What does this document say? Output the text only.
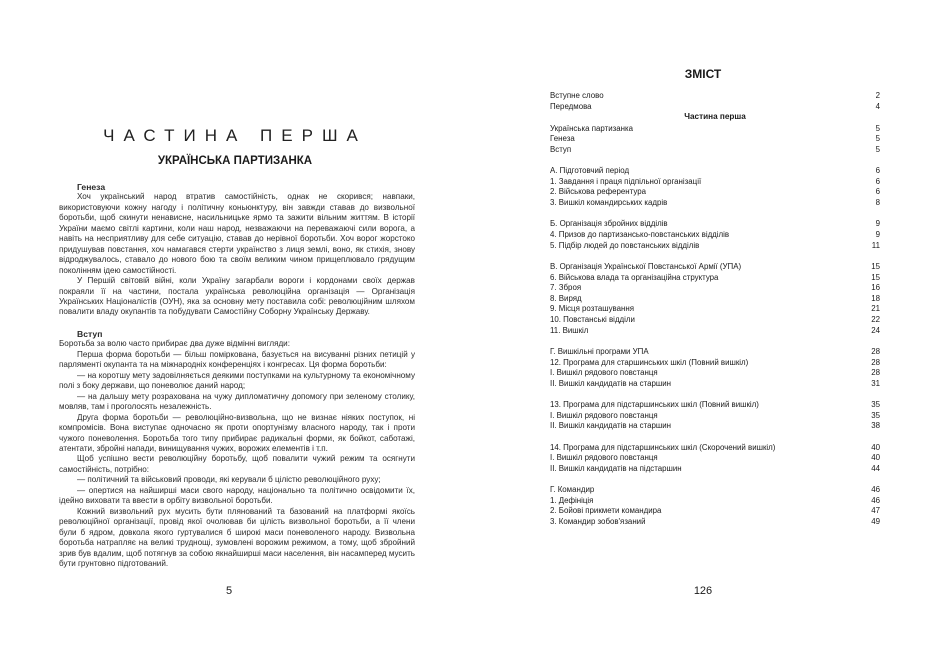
ЧАСТИНА ПЕРША
УКРАЇНСЬКА ПАРТИЗАНКА

Генеза

Хоч український народ втратив самостійність, однак не скорився; навпаки, використовуючи кожну нагоду і політичну коньюнктуру, він завжди ставав до визвольної боротьби, щоб скинути ненависне, насильницьке ярмо та зажити вільним життям. В історії України маємо світлі картини, коли наш народ, незважаючи на переважаючі сили ворога, а навіть на несприятливу для себе ситуацію, ставав до нерівної боротьби. Хоч ворог жорстоко придушував повстання, хоч намагався стерти українство з лиця землі, воно, як стихія, знову відроджувалось, ставало до нового бою та своїм великим чином прищеплювало грядущим поколінням ідею самостійності.

У Першій світовій війні, коли Україну загарбали вороги і кордонами своїх держав покраяли її на частини, постала українська революційна організація — Організація Українських Націоналістів (ОУН), яка за основну мету поставила собі: революційним шляхом повалити владу окупантів та побудувати Самостійну Соборну Українську Державу.

Вступ

Боротьба за волю часто прибирає два дуже відмінні вигляди:

Перша форма боротьби — більш поміркована, базується на висуванні різних петицій у парляменті окупанта та на міжнародніх конференціях і конгресах. Ця форма боротьби:

— на коротшу мету задовілняється деякими поступками на культурному та економічному полі з боку держави, що поневолює даний народ;

— на дальшу мету розрахована на чужу дипломатичну допомогу при зеленому столику, мовляв, там і проголосять незалежність.

Друга форма боротьби — революційно-визвольна, що не визнає ніяких поступок, ні компромісів. Вона виступає одночасно як проти опортунізму власного народу, так і проти чужого поневолення. Боротьба того типу прибирає радикальні форми, як бойкот, саботажі, атентати, збройні напади, винищування чужих, ворожих елементів і т.п.

Щоб успішно вести революційну боротьбу, щоб повалити чужий режим та осягнути самостійність, потрібно:

— політичний та військовий проводи, які керували б цілістю революційного руху;

— опертися на найширші маси свого народу, національно та політично освідомити їх, ідейно виховати та ввести в орбіту визвольної боротьби.

Кожний визвольний рух мусить бути плянований та базований на платформі якоїсь революційної організації, провід якої очолював би цілість визвольної боротьби, а її члени були б ядром, довкола якого гуртувалися б широкі маси поневоленого народу. Визвольна боротьба натрапляє на великі труднощі, зумовлені ворожим режимом, а тому, щоб збройний зрив був вдалим, щоб потягнув за собою якнайширші маси населення, він насамперед мусить бути грунтовно підготований.

5
ЗМІСТ
Вступне слово	2
Передмова	4
Частина перша
Українська партизанка	5
Генеза	5
Вступ	5
А. Підготовчий період	6
1. Завдання і праця підпільної організації	6
2. Військова референтура	6
3. Вишкіл командирських кадрів	8
Б. Організація збройних відділів	9
4. Призов до партизансько-повстанських відділів	9
5. Підбір людей до повстанських відділів	11
В. Організація Української Повстанської Армії (УПА)	15
6. Військова влада та організаційна структура	15
7. Зброя	16
8. Виряд	18
9. Місця розташування	21
10. Повстанські відділи	22
11. Вишкіл	24
Г. Вишкільні програми УПА	28
12. Програма для старшинських шкіл (Повний вишкіл)	28
I. Вишкіл рядового повстанця	28
II. Вишкіл кандидатів на старшин	31
13. Програма для підстаршинських шкіл (Повний вишкіл)	35
I. Вишкіл рядового повстанця	35
II. Вишкіл кандидатів на старшин	38
14. Програма для підстаршинських шкіл (Скорочений вишкіл)	40
I. Вишкіл рядового повстанця	40
II. Вишкіл кандидатів на підстаршин	44
Г. Командир	46
1. Дефініція	46
2. Бойові прикмети командира	47
3. Командир зобов'язаний	49
126
